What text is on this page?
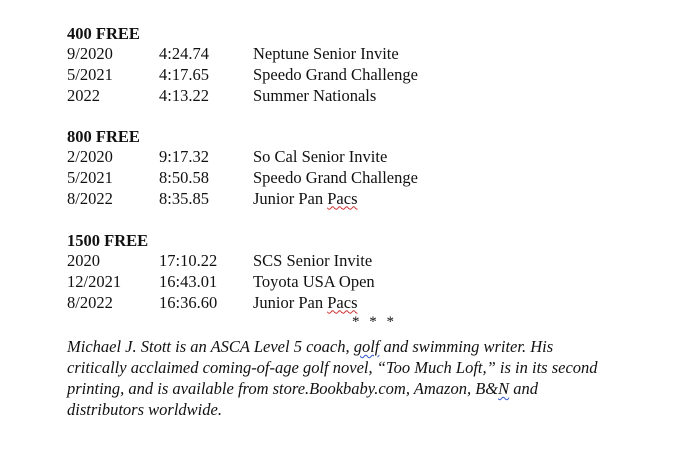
400 FREE
9/2020	4:24.74	Neptune Senior Invite
5/2021	4:17.65	Speedo Grand Challenge
2022	4:13.22	Summer Nationals
800 FREE
2/2020	9:17.32	So Cal Senior Invite
5/2021	8:50.58	Speedo Grand Challenge
8/2022	8:35.85	Junior Pan Pacs
1500 FREE
2020	17:10.22 SCS Senior Invite
12/2021 16:43.01 Toyota USA Open
8/2022	16:36.60 Junior Pan Pacs
* * *

Michael J. Stott is an ASCA Level 5 coach, golf and swimming writer. His

critically acclaimed coming-of-age golf novel, “Too Much Loft,” is in its second

printing, and is available from store.Bookbaby.com, Amazon, B&N and

distributors worldwide.
